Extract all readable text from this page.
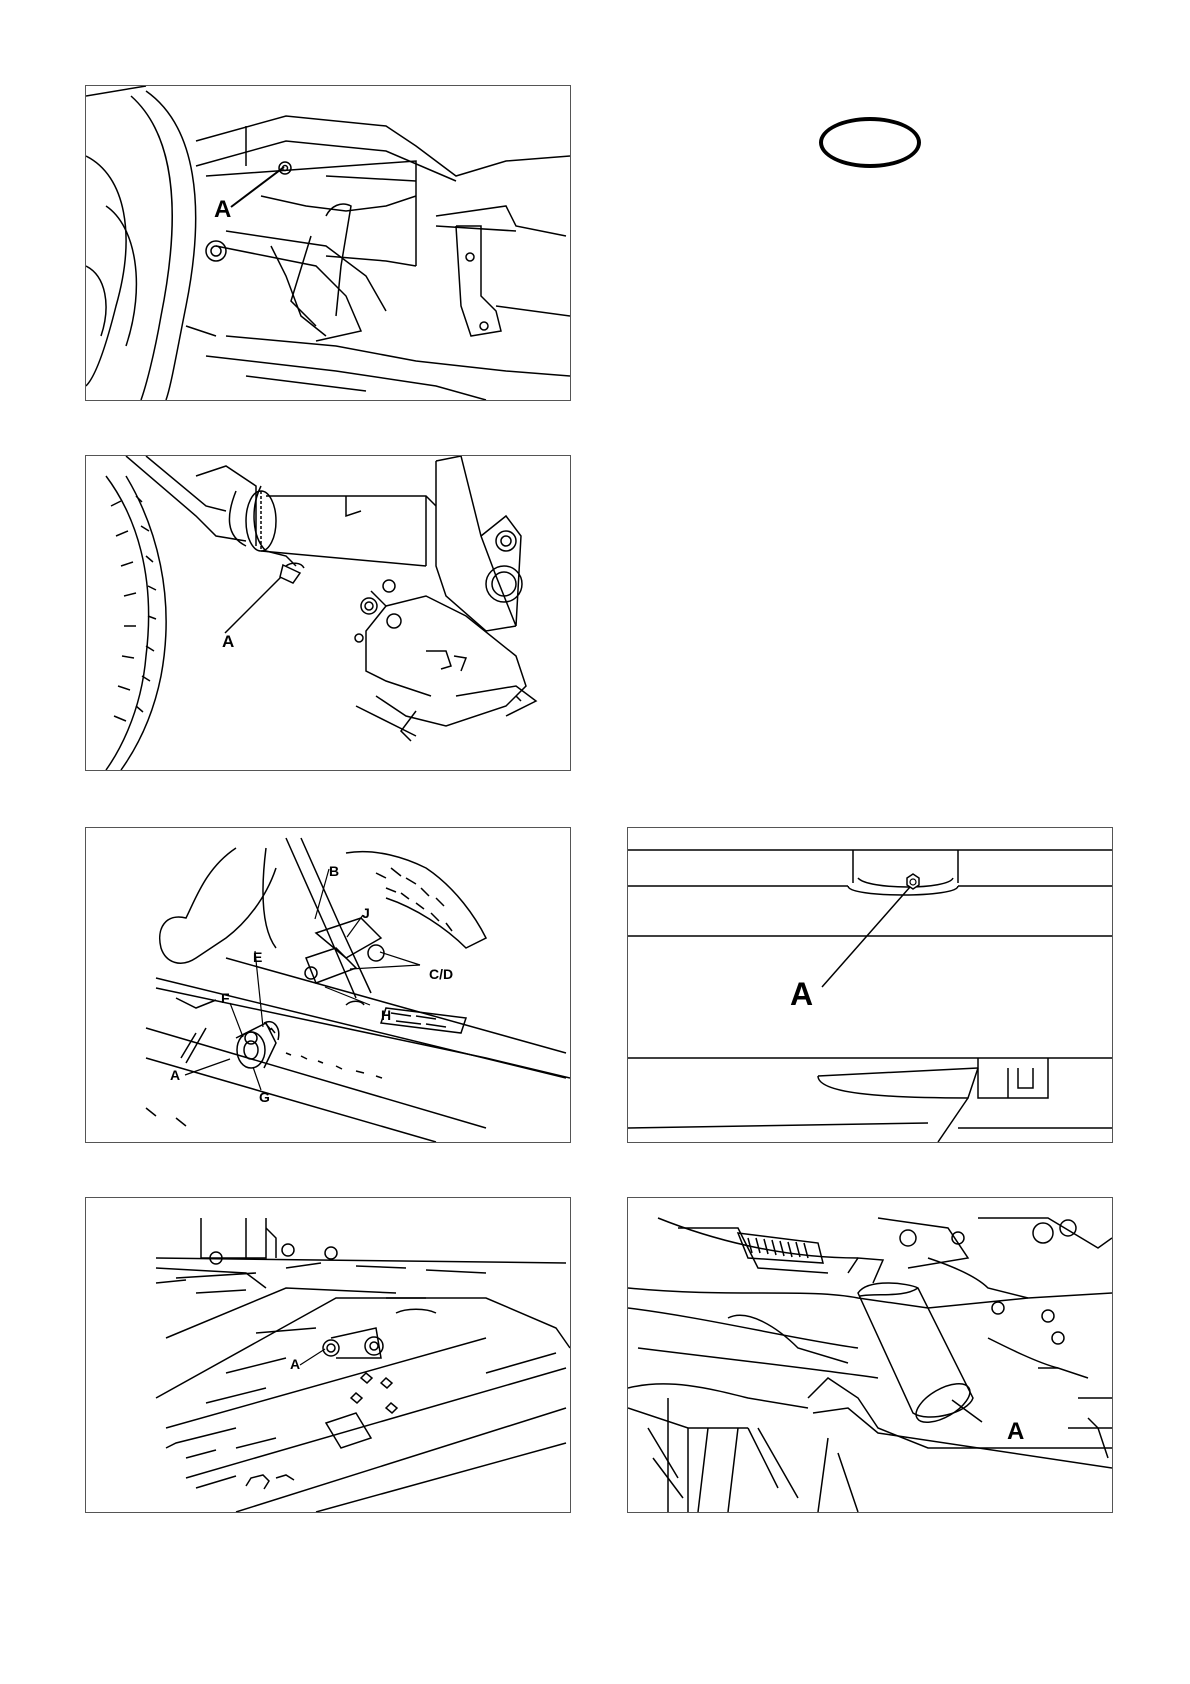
A
A
B
J
E
C/D
F
H
A
G
A
A
A
